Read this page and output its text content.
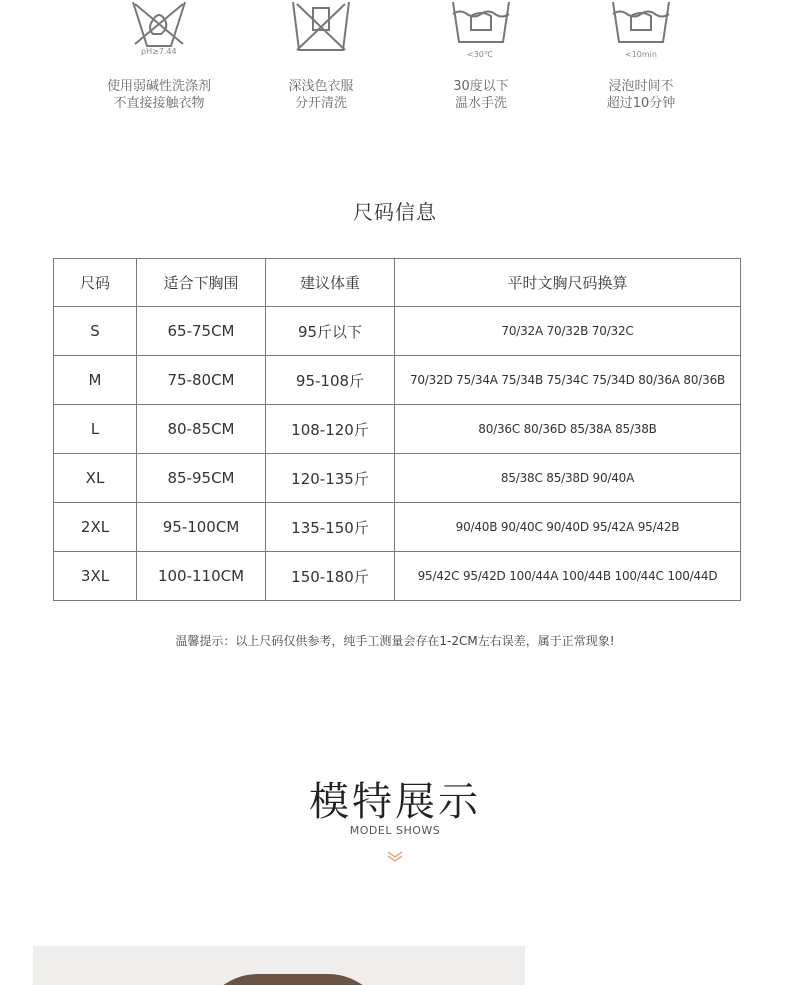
pH≥7.44
使用弱碱性洗涤剂
不直接接触衣物
深浅色衣服
分开清洗
<30℃
30度以下
温水手洗
<10min
浸泡时间不
超过10分钟
尺码信息
尺码	适合下胸围	建议体重	平时文胸尺码换算
S	65-75CM	95斤以下	70/32A 70/32B 70/32C
M	75-80CM	95-108斤	70/32D 75/34A 75/34B 75/34C 75/34D 80/36A 80/36B
L	80-85CM	108-120斤	80/36C 80/36D 85/38A 85/38B
XL	85-95CM	120-135斤	85/38C 85/38D 90/40A
2XL	95-100CM	135-150斤	90/40B 90/40C 90/40D 95/42A 95/42B
3XL	100-110CM	150-180斤	95/42C 95/42D 100/44A 100/44B 100/44C 100/44D
温馨提示：以上尺码仅供参考，纯手工测量会存在1-2CM左右误差，属于正常现象!
模特展示
MODEL SHOWS
